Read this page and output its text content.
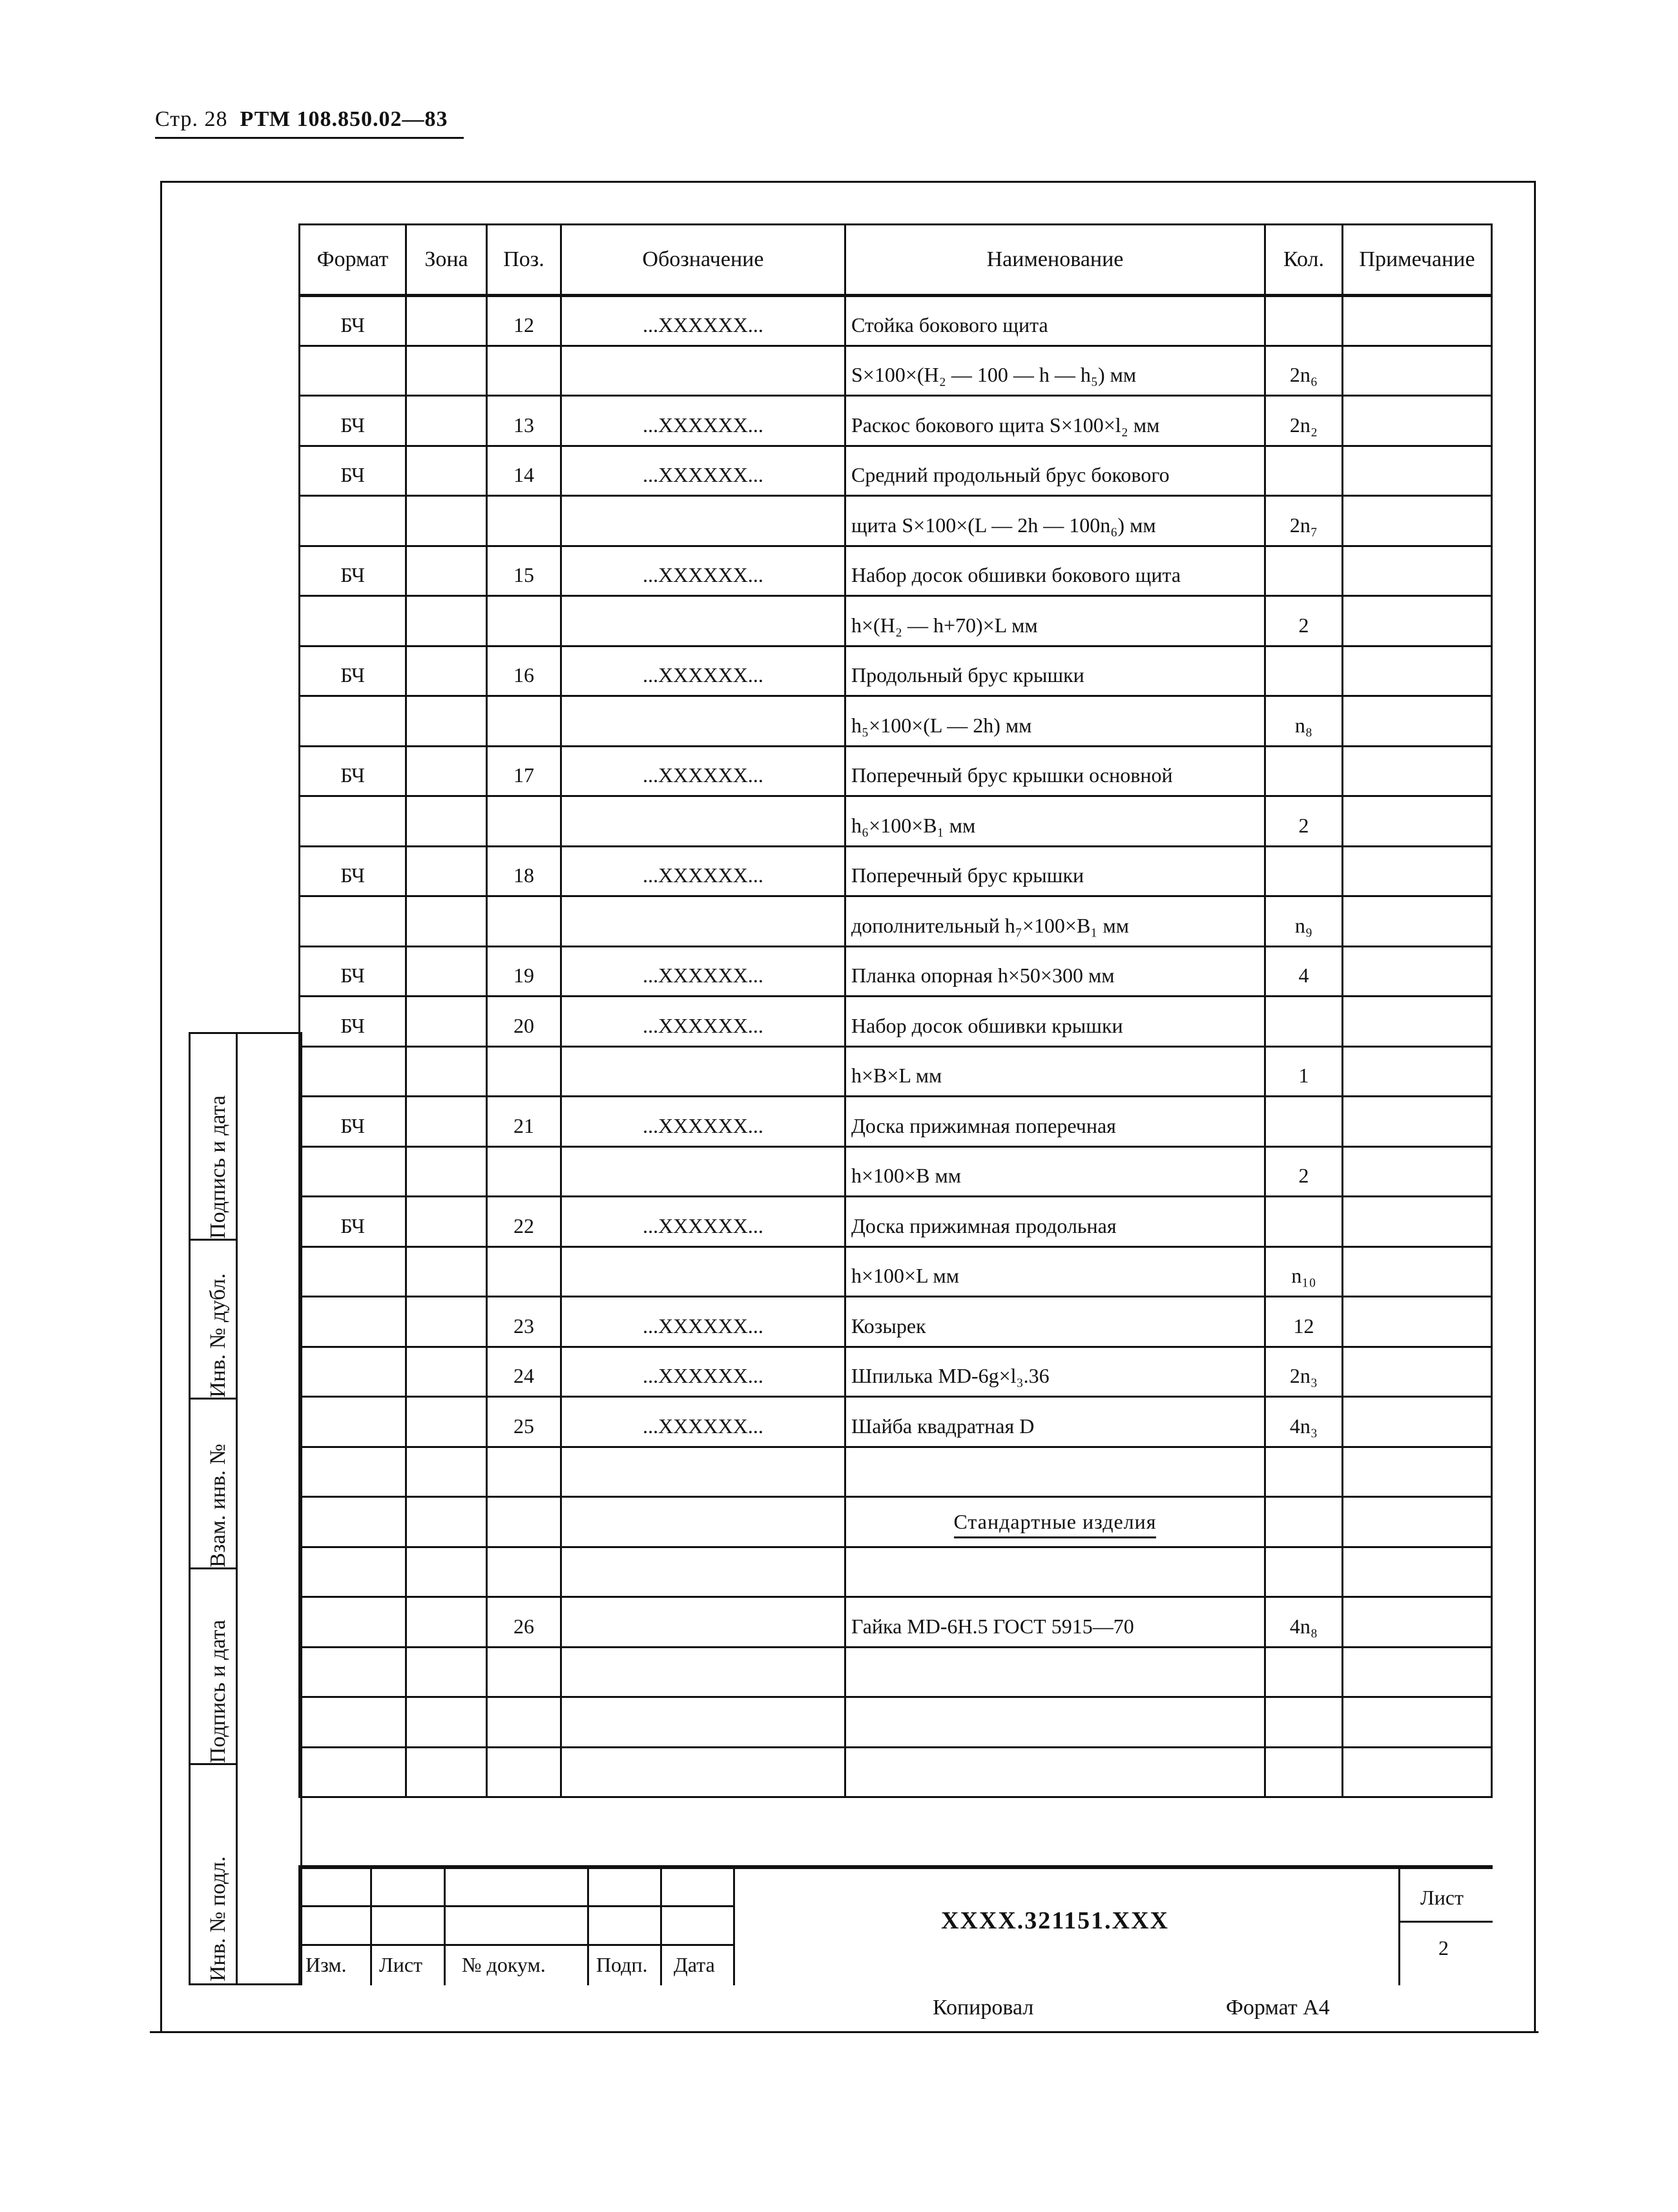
Стр. 28 РТМ 108.850.02—83
Формат	Зона	Поз.	Обозначение	Наименование	Кол.	Примечание
БЧ		12	...XXXXXX...	Стойка бокового щита		
				S×100×(H₂ — 100 — h — h₅) мм	2n₆	
БЧ		13	...XXXXXX...	Раскос бокового щита S×100×l₂ мм	2n₂	
БЧ		14	...XXXXXX...	Средний продольный брус бокового		
				щита S×100×(L — 2h — 100n₆) мм	2n₇	
БЧ		15	...XXXXXX...	Набор досок обшивки бокового щита		
				h×(H₂ — h+70)×L мм	2	
БЧ		16	...XXXXXX...	Продольный брус крышки		
				h₅×100×(L — 2h) мм	n₈	
БЧ		17	...XXXXXX...	Поперечный брус крышки основной		
				h₆×100×B₁ мм	2	
БЧ		18	...XXXXXX...	Поперечный брус крышки		
				дополнительный h₇×100×B₁ мм	n₉	
БЧ		19	...XXXXXX...	Планка опорная h×50×300 мм	4	
БЧ		20	...XXXXXX...	Набор досок обшивки крышки		
				h×B×L мм	1	
БЧ		21	...XXXXXX...	Доска прижимная поперечная		
				h×100×B мм	2	
БЧ		22	...XXXXXX...	Доска прижимная продольная		
				h×100×L мм	n₁₀	
		23	...XXXXXX...	Козырек	12	
		24	...XXXXXX...	Шпилька MD-6g×l₃.36	2n₃	
		25	...XXXXXX...	Шайба квадратная D	4n₃	

				Стандартные изделия		

		26		Гайка MD-6H.5 ГОСТ 5915—70	4n₈	

Подпись и дата
Инв. № дубл.
Взам. инв. №
Подпись и дата
Инв. № подл.	Изм. Лист № докум. Подп. Дата
XXXX.321151.XXX
Лист
2
Копировал	Формат А4
